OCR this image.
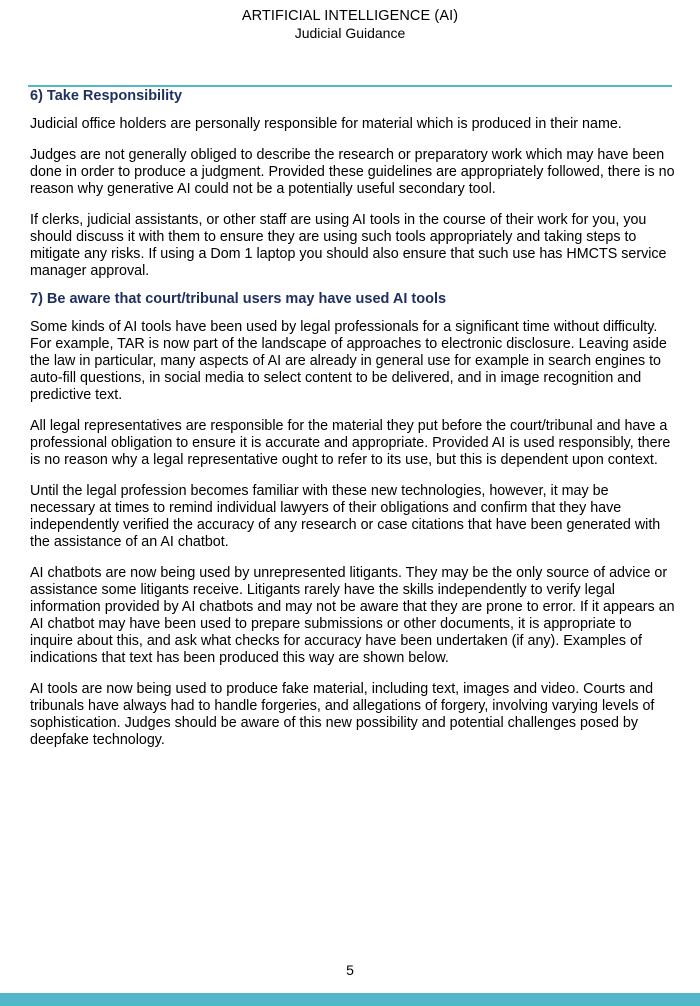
ARTIFICIAL INTELLIGENCE (AI)
Judicial Guidance
6) Take Responsibility

Judicial office holders are personally responsible for material which is produced in their name.

Judges are not generally obliged to describe the research or preparatory work which may have been done in order to produce a judgment. Provided these guidelines are appropriately followed, there is no reason why generative AI could not be a potentially useful secondary tool.

If clerks, judicial assistants, or other staff are using AI tools in the course of their work for you, you should discuss it with them to ensure they are using such tools appropriately and taking steps to mitigate any risks. If using a Dom 1 laptop you should also ensure that such use has HMCTS service manager approval.

7) Be aware that court/tribunal users may have used AI tools

Some kinds of AI tools have been used by legal professionals for a significant time without difficulty. For example, TAR is now part of the landscape of approaches to electronic disclosure. Leaving aside the law in particular, many aspects of AI are already in general use for example in search engines to auto-fill questions, in social media to select content to be delivered, and in image recognition and predictive text.

All legal representatives are responsible for the material they put before the court/tribunal and have a professional obligation to ensure it is accurate and appropriate. Provided AI is used responsibly, there is no reason why a legal representative ought to refer to its use, but this is dependent upon context.

Until the legal profession becomes familiar with these new technologies, however, it may be necessary at times to remind individual lawyers of their obligations and confirm that they have independently verified the accuracy of any research or case citations that have been generated with the assistance of an AI chatbot.

AI chatbots are now being used by unrepresented litigants. They may be the only source of advice or assistance some litigants receive. Litigants rarely have the skills independently to verify legal information provided by AI chatbots and may not be aware that they are prone to error. If it appears an AI chatbot may have been used to prepare submissions or other documents, it is appropriate to inquire about this, and ask what checks for accuracy have been undertaken (if any). Examples of indications that text has been produced this way are shown below.

AI tools are now being used to produce fake material, including text, images and video. Courts and tribunals have always had to handle forgeries, and allegations of forgery, involving varying levels of sophistication. Judges should be aware of this new possibility and potential challenges posed by deepfake technology.

5
